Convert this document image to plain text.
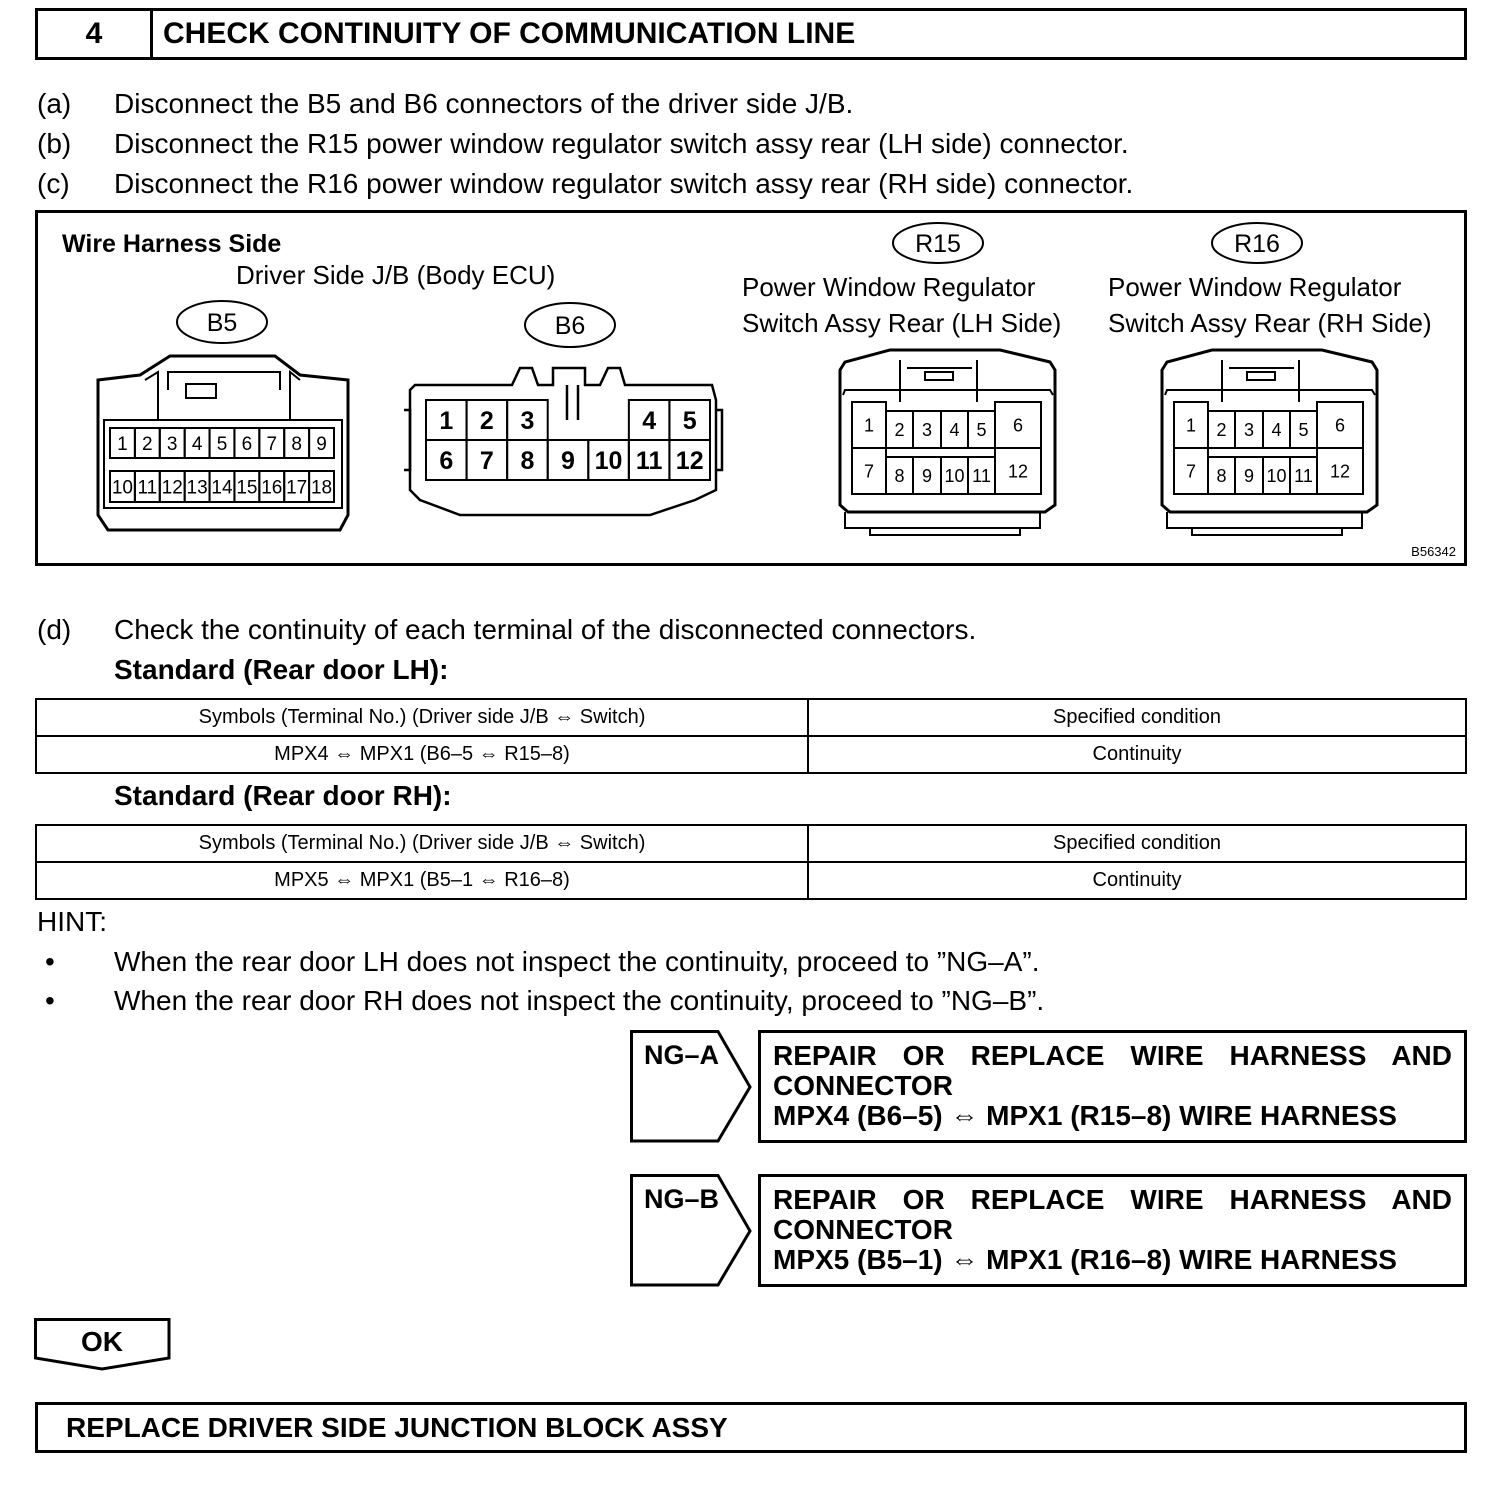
4	CHECK CONTINUITY OF COMMUNICATION LINE
(a) Disconnect the B5 and B6 connectors of the driver side J/B.
(b) Disconnect the R15 power window regulator switch assy rear (LH side) connector.
(c) Disconnect the R16 power window regulator switch assy rear (RH side) connector.
Wire Harness Side
Driver Side J/B (Body ECU)
B5	B6
R15
Power Window Regulator
Switch Assy Rear (LH Side)
R16
Power Window Regulator
Switch Assy Rear (RH Side)
1 2 3 4 5 6 7 8 9
10 11 12 13 14 15 16 17 18
1 2 3	4 5
6 7 8 9 10 11 12
1 2 3 4 5 6
7 8 9 10 11 12
1 2 3 4 5 6
7 8 9 10 11 12
B56342
(d) Check the continuity of each terminal of the disconnected connectors.
Standard (Rear door LH):
Symbols (Terminal No.) (Driver side J/B ⇔ Switch)	Specified condition
MPX4 ⇔ MPX1 (B6–5 ⇔ R15–8)	Continuity
Standard (Rear door RH):
Symbols (Terminal No.) (Driver side J/B ⇔ Switch)	Specified condition
MPX5 ⇔ MPX1 (B5–1 ⇔ R16–8)	Continuity
HINT:
• When the rear door LH does not inspect the continuity, proceed to ”NG–A”.
• When the rear door RH does not inspect the continuity, proceed to ”NG–B”.
NG–A REPAIR OR REPLACE WIRE HARNESS AND
CONNECTOR
MPX4 (B6–5) ⇔ MPX1 (R15–8) WIRE HARNESS
NG–B REPAIR OR REPLACE WIRE HARNESS AND
CONNECTOR
MPX5 (B5–1) ⇔ MPX1 (R16–8) WIRE HARNESS
OK
REPLACE DRIVER SIDE JUNCTION BLOCK ASSY
